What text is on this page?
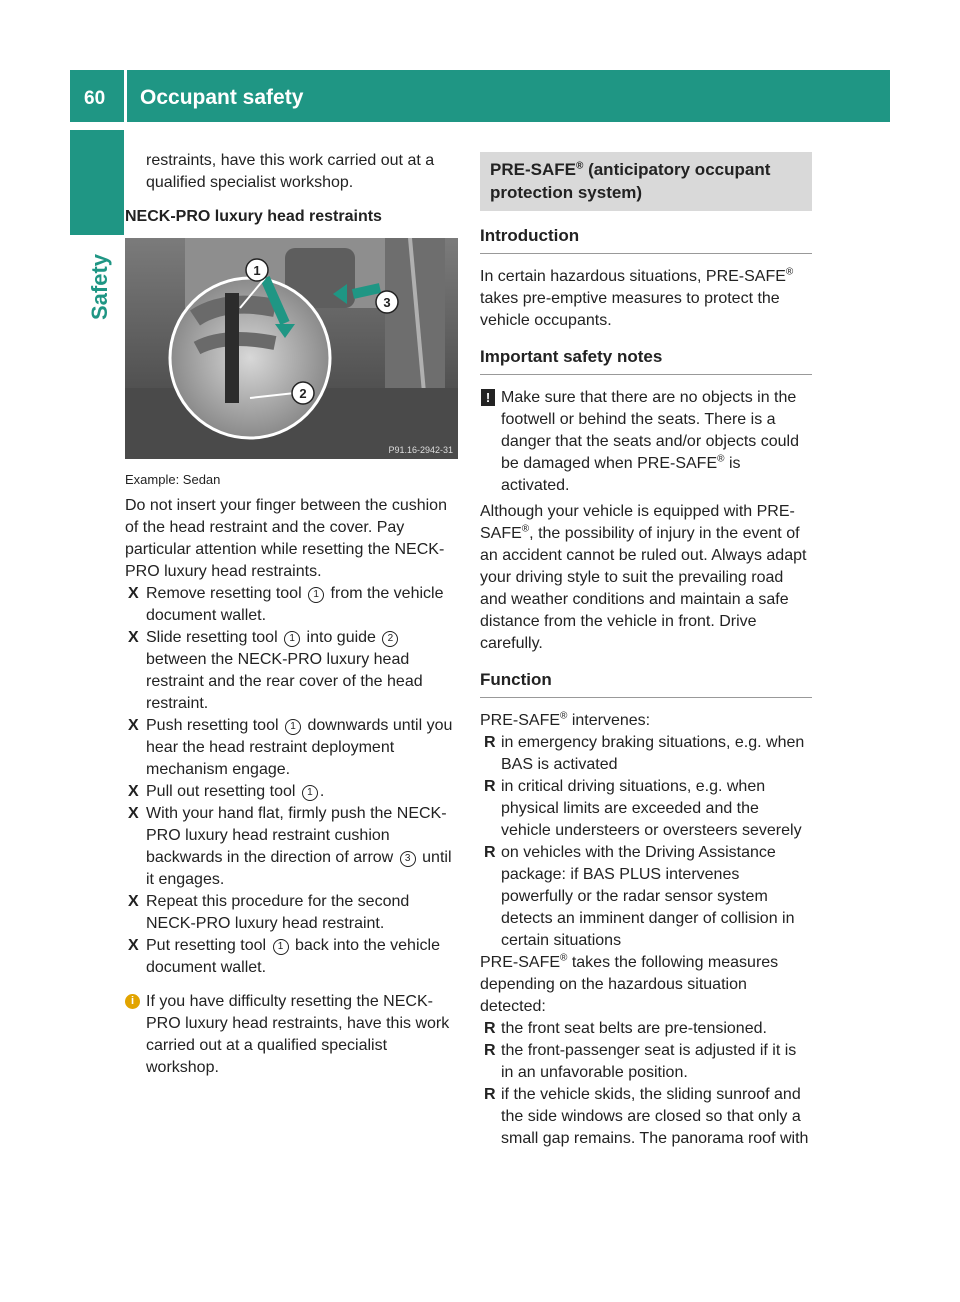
60 Occupant safety
Safety

restraints, have this work carried out at a qualified specialist workshop.

NECK-PRO luxury head restraints

1
2
3
P91.16-2942-31

Example: Sedan

Do not insert your finger between the cushion of the head restraint and the cover. Pay particular attention while resetting the NECK-PRO luxury head restraints.

X Remove resetting tool 1 from the vehicle document wallet.

X Slide resetting tool 1 into guide 2 between the NECK-PRO luxury head restraint and the rear cover of the head restraint.

X Push resetting tool 1 downwards until you hear the head restraint deployment mechanism engage.

X Pull out resetting tool 1 .

X With your hand flat, firmly push the NECK-PRO luxury head restraint cushion backwards in the direction of arrow 3 until it engages.

X Repeat this procedure for the second NECK-PRO luxury head restraint.

X Put resetting tool 1 back into the vehicle document wallet.

i If you have difficulty resetting the NECK-PRO luxury head restraints, have this work carried out at a qualified specialist workshop.

PRE-SAFE® (anticipatory occupant protection system)

Introduction

In certain hazardous situations, PRE-SAFE® takes pre-emptive measures to protect the vehicle occupants.

Important safety notes

! Make sure that there are no objects in the footwell or behind the seats. There is a danger that the seats and/or objects could be damaged when PRE-SAFE® is activated.

Although your vehicle is equipped with PRE-SAFE®, the possibility of injury in the event of an accident cannot be ruled out. Always adapt your driving style to suit the prevailing road and weather conditions and maintain a safe distance from the vehicle in front. Drive carefully.

Function

PRE-SAFE® intervenes:

R in emergency braking situations, e.g. when BAS is activated

R in critical driving situations, e.g. when physical limits are exceeded and the vehicle understeers or oversteers severely

R on vehicles with the Driving Assistance package: if BAS PLUS intervenes powerfully or the radar sensor system detects an imminent danger of collision in certain situations

PRE-SAFE® takes the following measures depending on the hazardous situation detected:

R the front seat belts are pre-tensioned.

R the front-passenger seat is adjusted if it is in an unfavorable position.

R if the vehicle skids, the sliding sunroof and the side windows are closed so that only a small gap remains. The panorama roof with
